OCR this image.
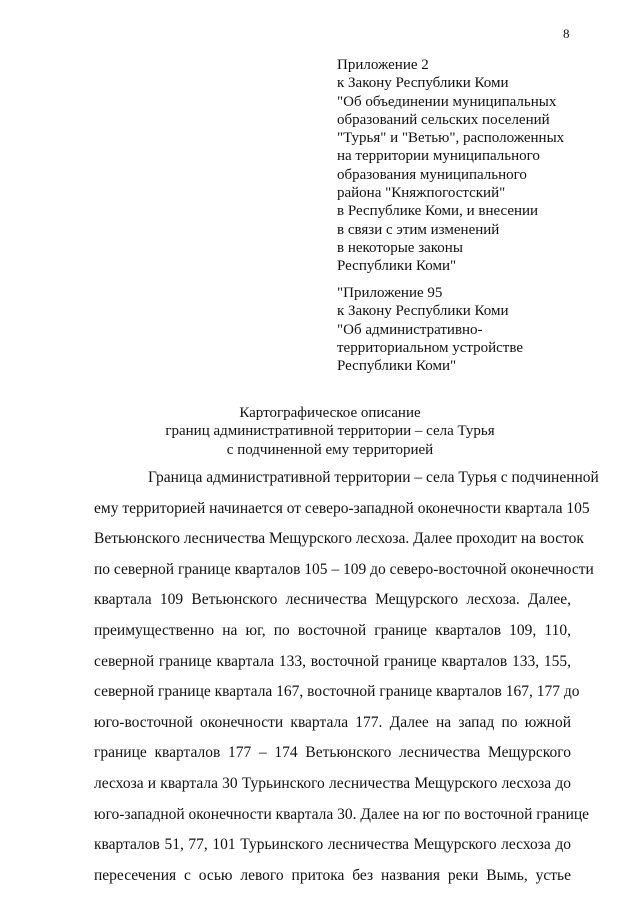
8
Приложение 2
к Закону Республики Коми
"Об объединении муниципальных
образований сельских поселений
"Турья" и "Ветью", расположенных
на территории муниципального
образования муниципального
района "Княжпогостский"
в Республике Коми, и внесении
в связи с этим изменений
в некоторые законы
Республики Коми"
"Приложение 95
к Закону Республики Коми
"Об административно-
территориальном устройстве
Республики Коми"
Картографическое описание
границ административной территории – села Турья
с подчиненной ему территорией
Граница административной территории – села Турья с подчиненной
ему территорией начинается от северо-западной оконечности квартала 105
Ветьюнского лесничества Мещурского лесхоза. Далее проходит на восток
по северной границе кварталов 105 – 109 до северо-восточной оконечности
квартала 109 Ветьюнского лесничества Мещурского лесхоза. Далее,
преимущественно на юг, по восточной границе кварталов 109, 110,
северной границе квартала 133, восточной границе кварталов 133, 155,
северной границе квартала 167, восточной границе кварталов 167, 177 до
юго-восточной оконечности квартала 177. Далее на запад по южной
границе кварталов 177 – 174 Ветьюнского лесничества Мещурского
лесхоза и квартала 30 Турьинского лесничества Мещурского лесхоза до
юго-западной оконечности квартала 30. Далее на юг по восточной границе
кварталов 51, 77, 101 Турьинского лесничества Мещурского лесхоза до
пересечения с осью левого притока без названия реки Вымь, устье
